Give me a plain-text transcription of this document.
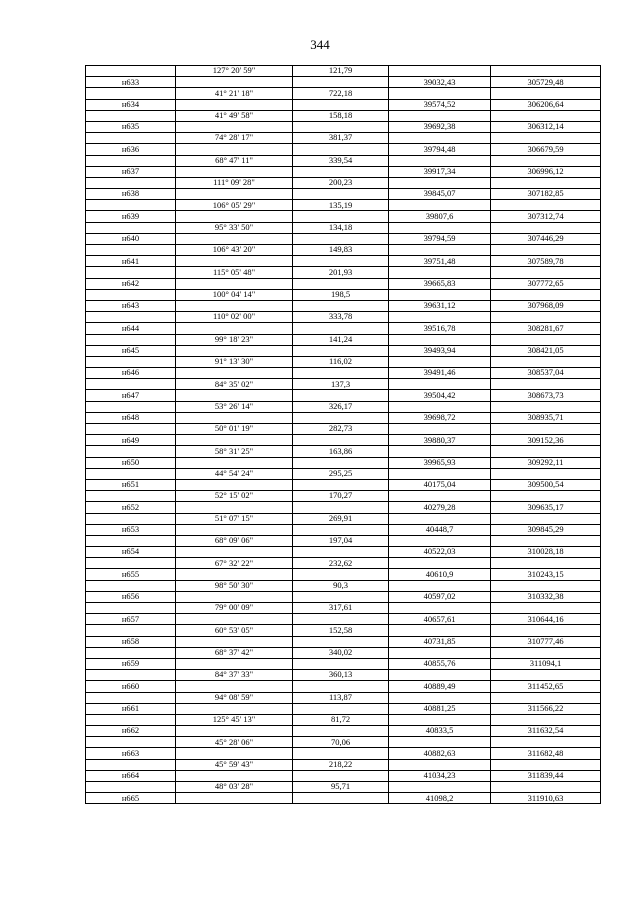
344
	127° 20' 59"	121,79		
н633			39032,43	305729,48
	41° 21' 18"	722,18		
н634			39574,52	306206,64
	41° 49' 58"	158,18		
н635			39692,38	306312,14
	74° 28' 17"	381,37		
н636			39794,48	306679,59
	68° 47' 11"	339,54		
н637			39917,34	306996,12
	111° 09' 28"	200,23		
н638			39845,07	307182,85
	106° 05' 29"	135,19		
н639			39807,6	307312,74
	95° 33' 50"	134,18		
н640			39794,59	307446,29
	106° 43' 20"	149,83		
н641			39751,48	307589,78
	115° 05' 48"	201,93		
н642			39665,83	307772,65
	100° 04' 14"	198,5		
н643			39631,12	307968,09
	110° 02' 00"	333,78		
н644			39516,78	308281,67
	99° 18' 23"	141,24		
н645			39493,94	308421,05
	91° 13' 30"	116,02		
н646			39491,46	308537,04
	84° 35' 02"	137,3		
н647			39504,42	308673,73
	53° 26' 14"	326,17		
н648			39698,72	308935,71
	50° 01' 19"	282,73		
н649			39880,37	309152,36
	58° 31' 25"	163,86		
н650			39965,93	309292,11
	44° 54' 24"	295,25		
н651			40175,04	309500,54
	52° 15' 02"	170,27		
н652			40279,28	309635,17
	51° 07' 15"	269,91		
н653			40448,7	309845,29
	68° 09' 06"	197,04		
н654			40522,03	310028,18
	67° 32' 22"	232,62		
н655			40610,9	310243,15
	98° 50' 30"	90,3		
н656			40597,02	310332,38
	79° 00' 09"	317,61		
н657			40657,61	310644,16
	60° 53' 05"	152,58		
н658			40731,85	310777,46
	68° 37' 42"	340,02		
н659			40855,76	311094,1
	84° 37' 33"	360,13		
н660			40889,49	311452,65
	94° 08' 59"	113,87		
н661			40881,25	311566,22
	125° 45' 13"	81,72		
н662			40833,5	311632,54
	45° 28' 06"	70,06		
н663			40882,63	311682,48
	45° 59' 43"	218,22		
н664			41034,23	311839,44
	48° 03' 28"	95,71		
н665			41098,2	311910,63
